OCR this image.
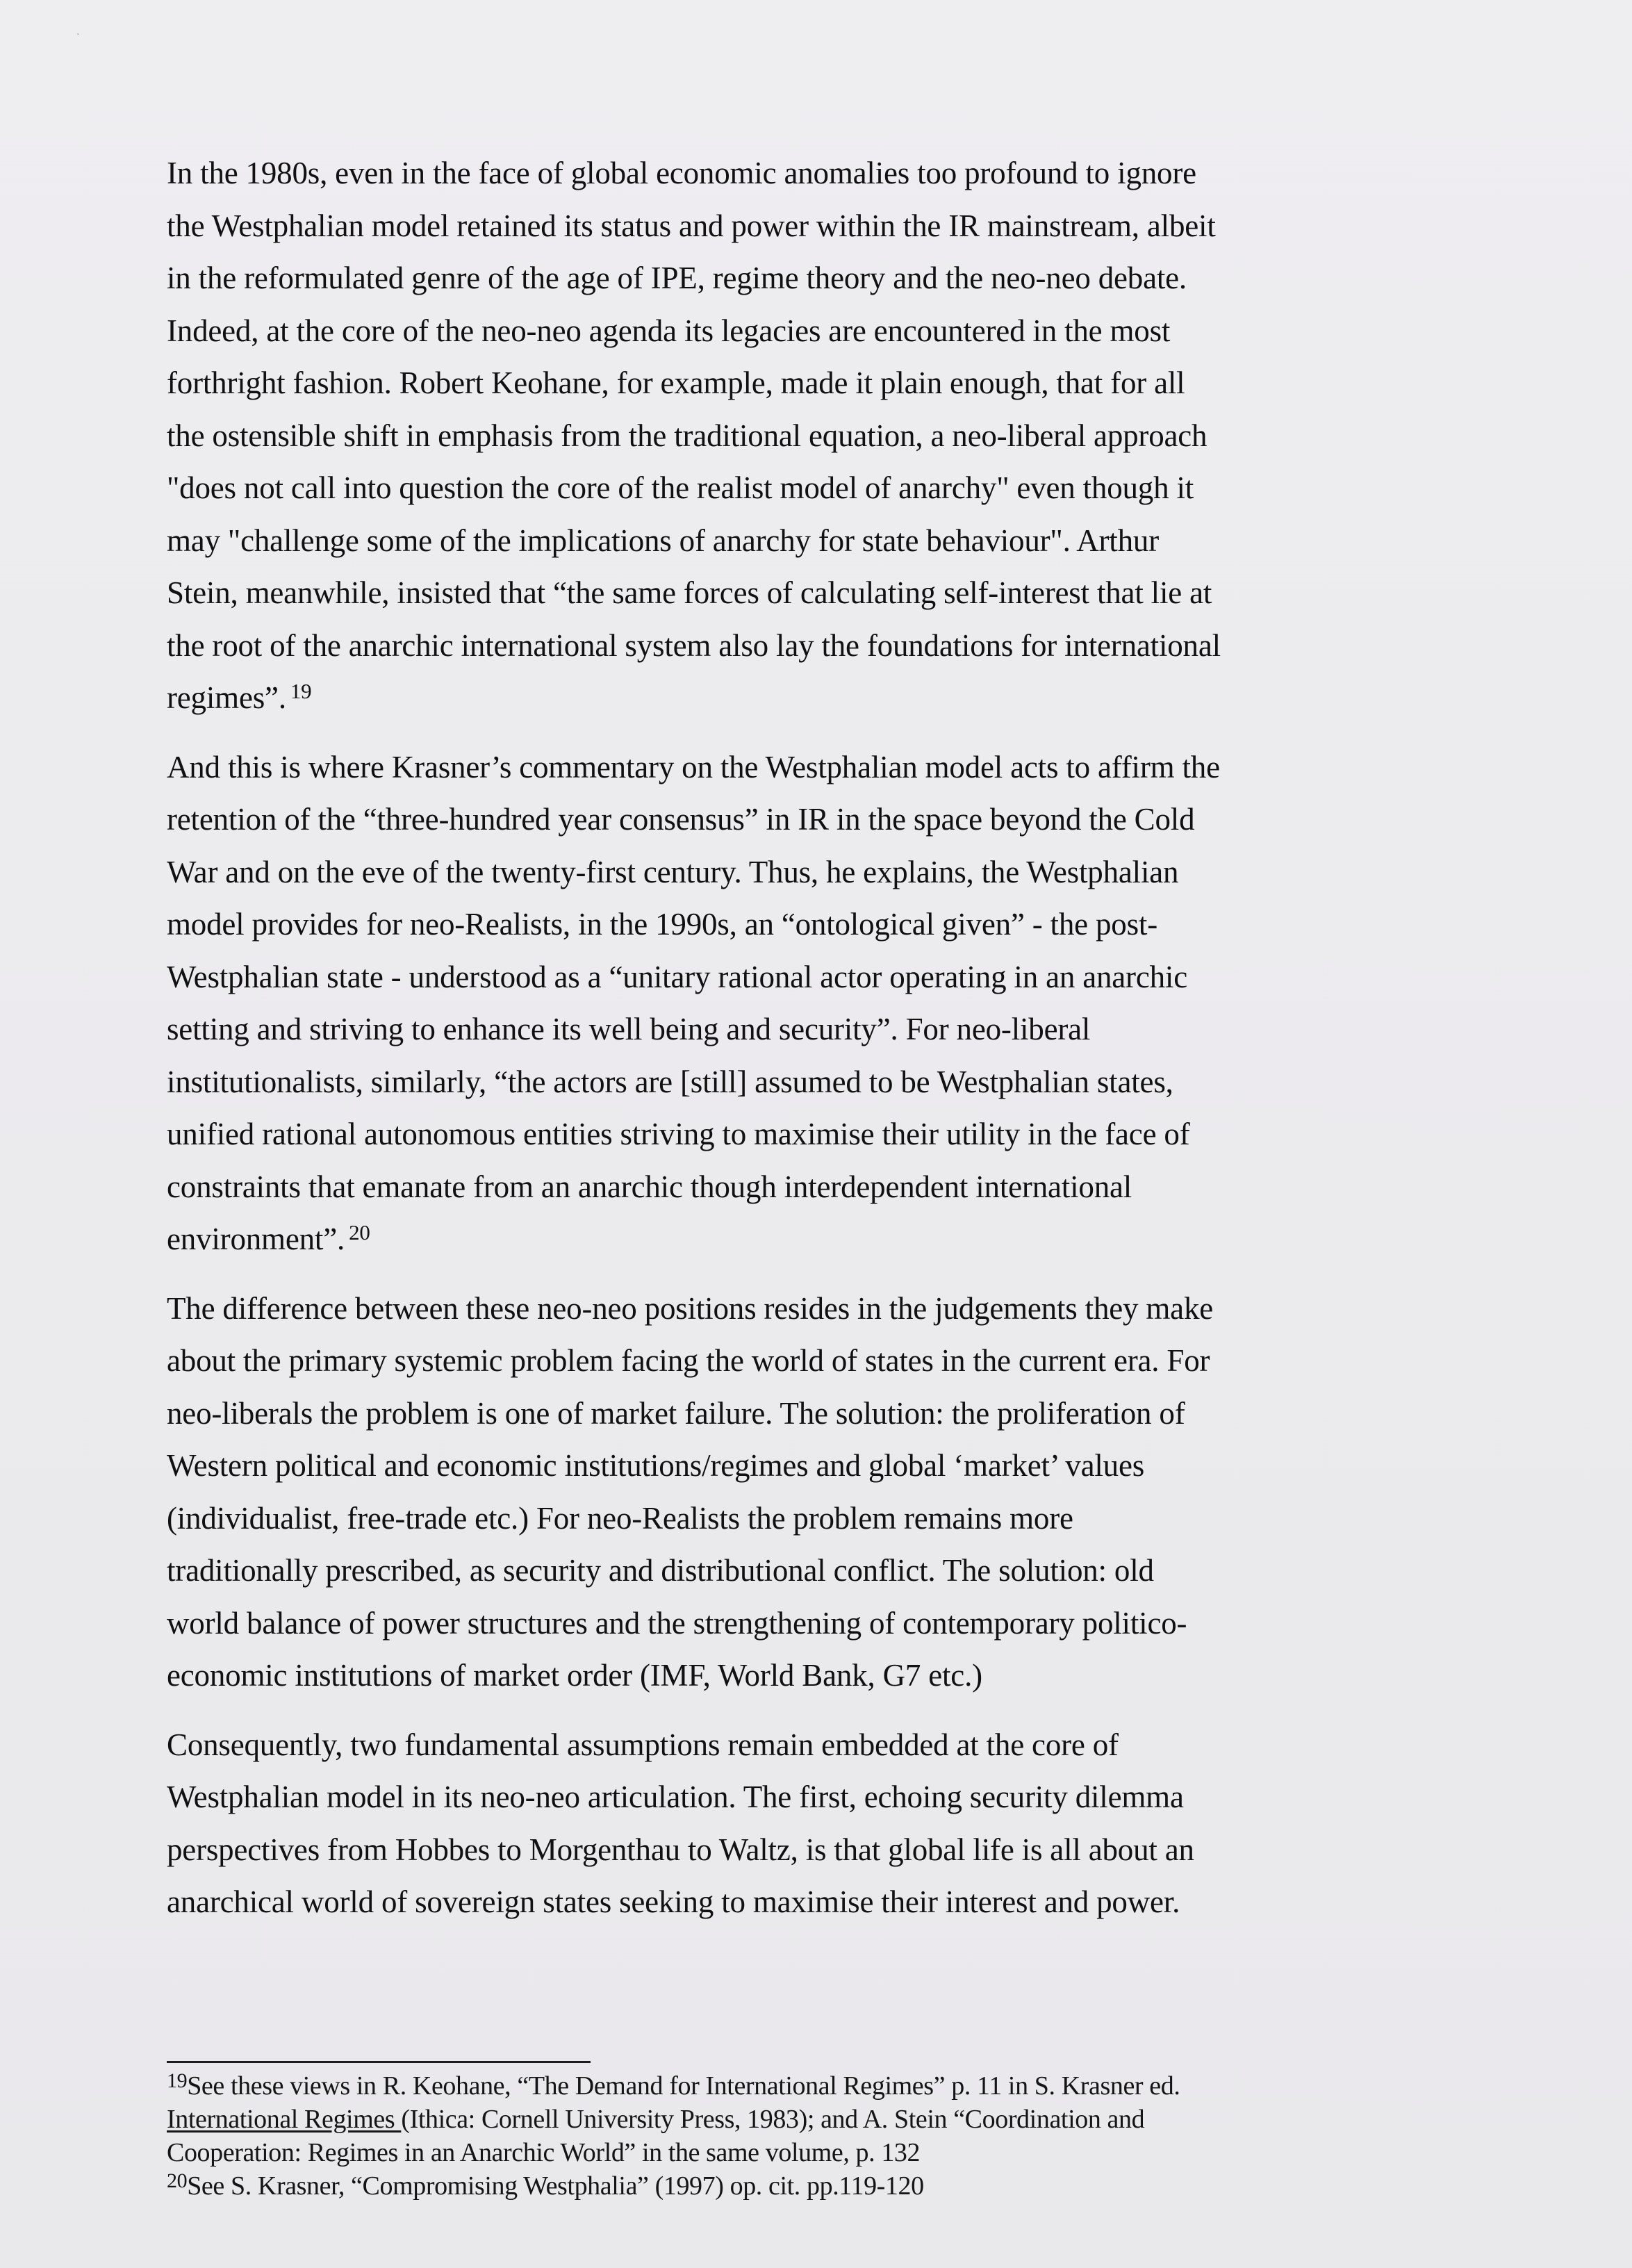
·

In the 1980s, even in the face of global economic anomalies too profound to ignore
the Westphalian model retained its status and power within the IR mainstream, albeit
in the reformulated genre of the age of IPE, regime theory and the neo-neo debate.
Indeed, at the core of the neo-neo agenda its legacies are encountered in the most
forthright fashion. Robert Keohane, for example, made it plain enough, that for all
the ostensible shift in emphasis from the traditional equation, a neo-liberal approach
"does not call into question the core of the realist model of anarchy" even though it
may "challenge some of the implications of anarchy for state behaviour". Arthur
Stein, meanwhile, insisted that “the same forces of calculating self-interest that lie at
the root of the anarchic international system also lay the foundations for international
regimes”. $^{19}$

And this is where Krasner’s commentary on the Westphalian model acts to affirm the
retention of the “three-hundred year consensus” in IR in the space beyond the Cold
War and on the eve of the twenty-first century. Thus, he explains, the Westphalian
model provides for neo-Realists, in the 1990s, an “ontological given” - the post-
Westphalian state - understood as a “unitary rational actor operating in an anarchic
setting and striving to enhance its well being and security”. For neo-liberal
institutionalists, similarly, “the actors are [still] assumed to be Westphalian states,
unified rational autonomous entities striving to maximise their utility in the face of
constraints that emanate from an anarchic though interdependent international
environment”. $^{20}$

The difference between these neo-neo positions resides in the judgements they make
about the primary systemic problem facing the world of states in the current era. For
neo-liberals the problem is one of market failure. The solution: the proliferation of
Western political and economic institutions/regimes and global ‘market’ values
(individualist, free-trade etc.) For neo-Realists the problem remains more
traditionally prescribed, as security and distributional conflict. The solution: old
world balance of power structures and the strengthening of contemporary politico-
economic institutions of market order (IMF, World Bank, G7 etc.)

Consequently, two fundamental assumptions remain embedded at the core of
Westphalian model in its neo-neo articulation. The first, echoing security dilemma
perspectives from Hobbes to Morgenthau to Waltz, is that global life is all about an
anarchical world of sovereign states seeking to maximise their interest and power.

$^{19}$See these views in R. Keohane, “The Demand for International Regimes” p. 11 in S. Krasner ed.
International Regimes (Ithica: Cornell University Press, 1983); and A. Stein “Coordination and
Cooperation: Regimes in an Anarchic World” in the same volume, p. 132
$^{20}$See S. Krasner, “Compromising Westphalia” (1997) op. cit. pp.119-120
